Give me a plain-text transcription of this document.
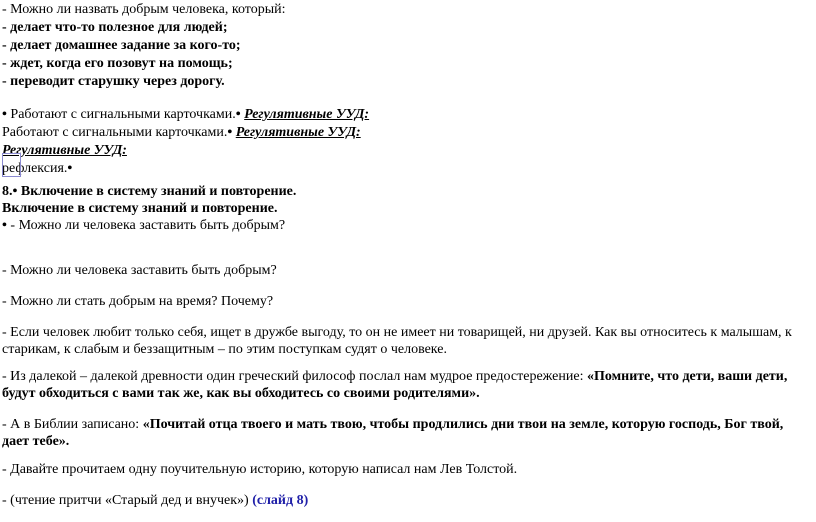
- Можно ли назвать добрым человека, который:
- делает что-то полезное для людей;
- делает домашнее задание за кого-то;
- ждет, когда его позовут на помощь;
- переводит старушку через дорогу.
• Работают с сигнальными карточками.• Регулятивные УУД:
Работают с сигнальными карточками.• Регулятивные УУД:
Регулятивные УУД:
рефлексия.•
8.• Включение в систему знаний и повторение.
Включение в систему знаний и повторение.
• - Можно ли человека заставить быть добрым?
- Можно ли человека заставить быть добрым?
- Можно ли стать добрым на время? Почему?
- Если человек любит только себя, ищет в дружбе выгоду, то он не имеет ни товарищей, ни друзей. Как вы относитесь к малышам, к старикам, к слабым и беззащитным – по этим поступкам судят о человеке.
- Из далекой – далекой древности один греческий философ послал нам мудрое предостережение: «Помните, что дети, ваши дети, будут обходиться с вами так же, как вы обходитесь со своими родителями».
- А в Библии записано: «Почитай отца твоего и мать твою, чтобы продлились дни твои на земле, которую господь, Бог твой, дает тебе».
- Давайте прочитаем одну поучительную историю, которую написал нам Лев Толстой.
- (чтение притчи «Старый дед и внучек») (слайд 8)
